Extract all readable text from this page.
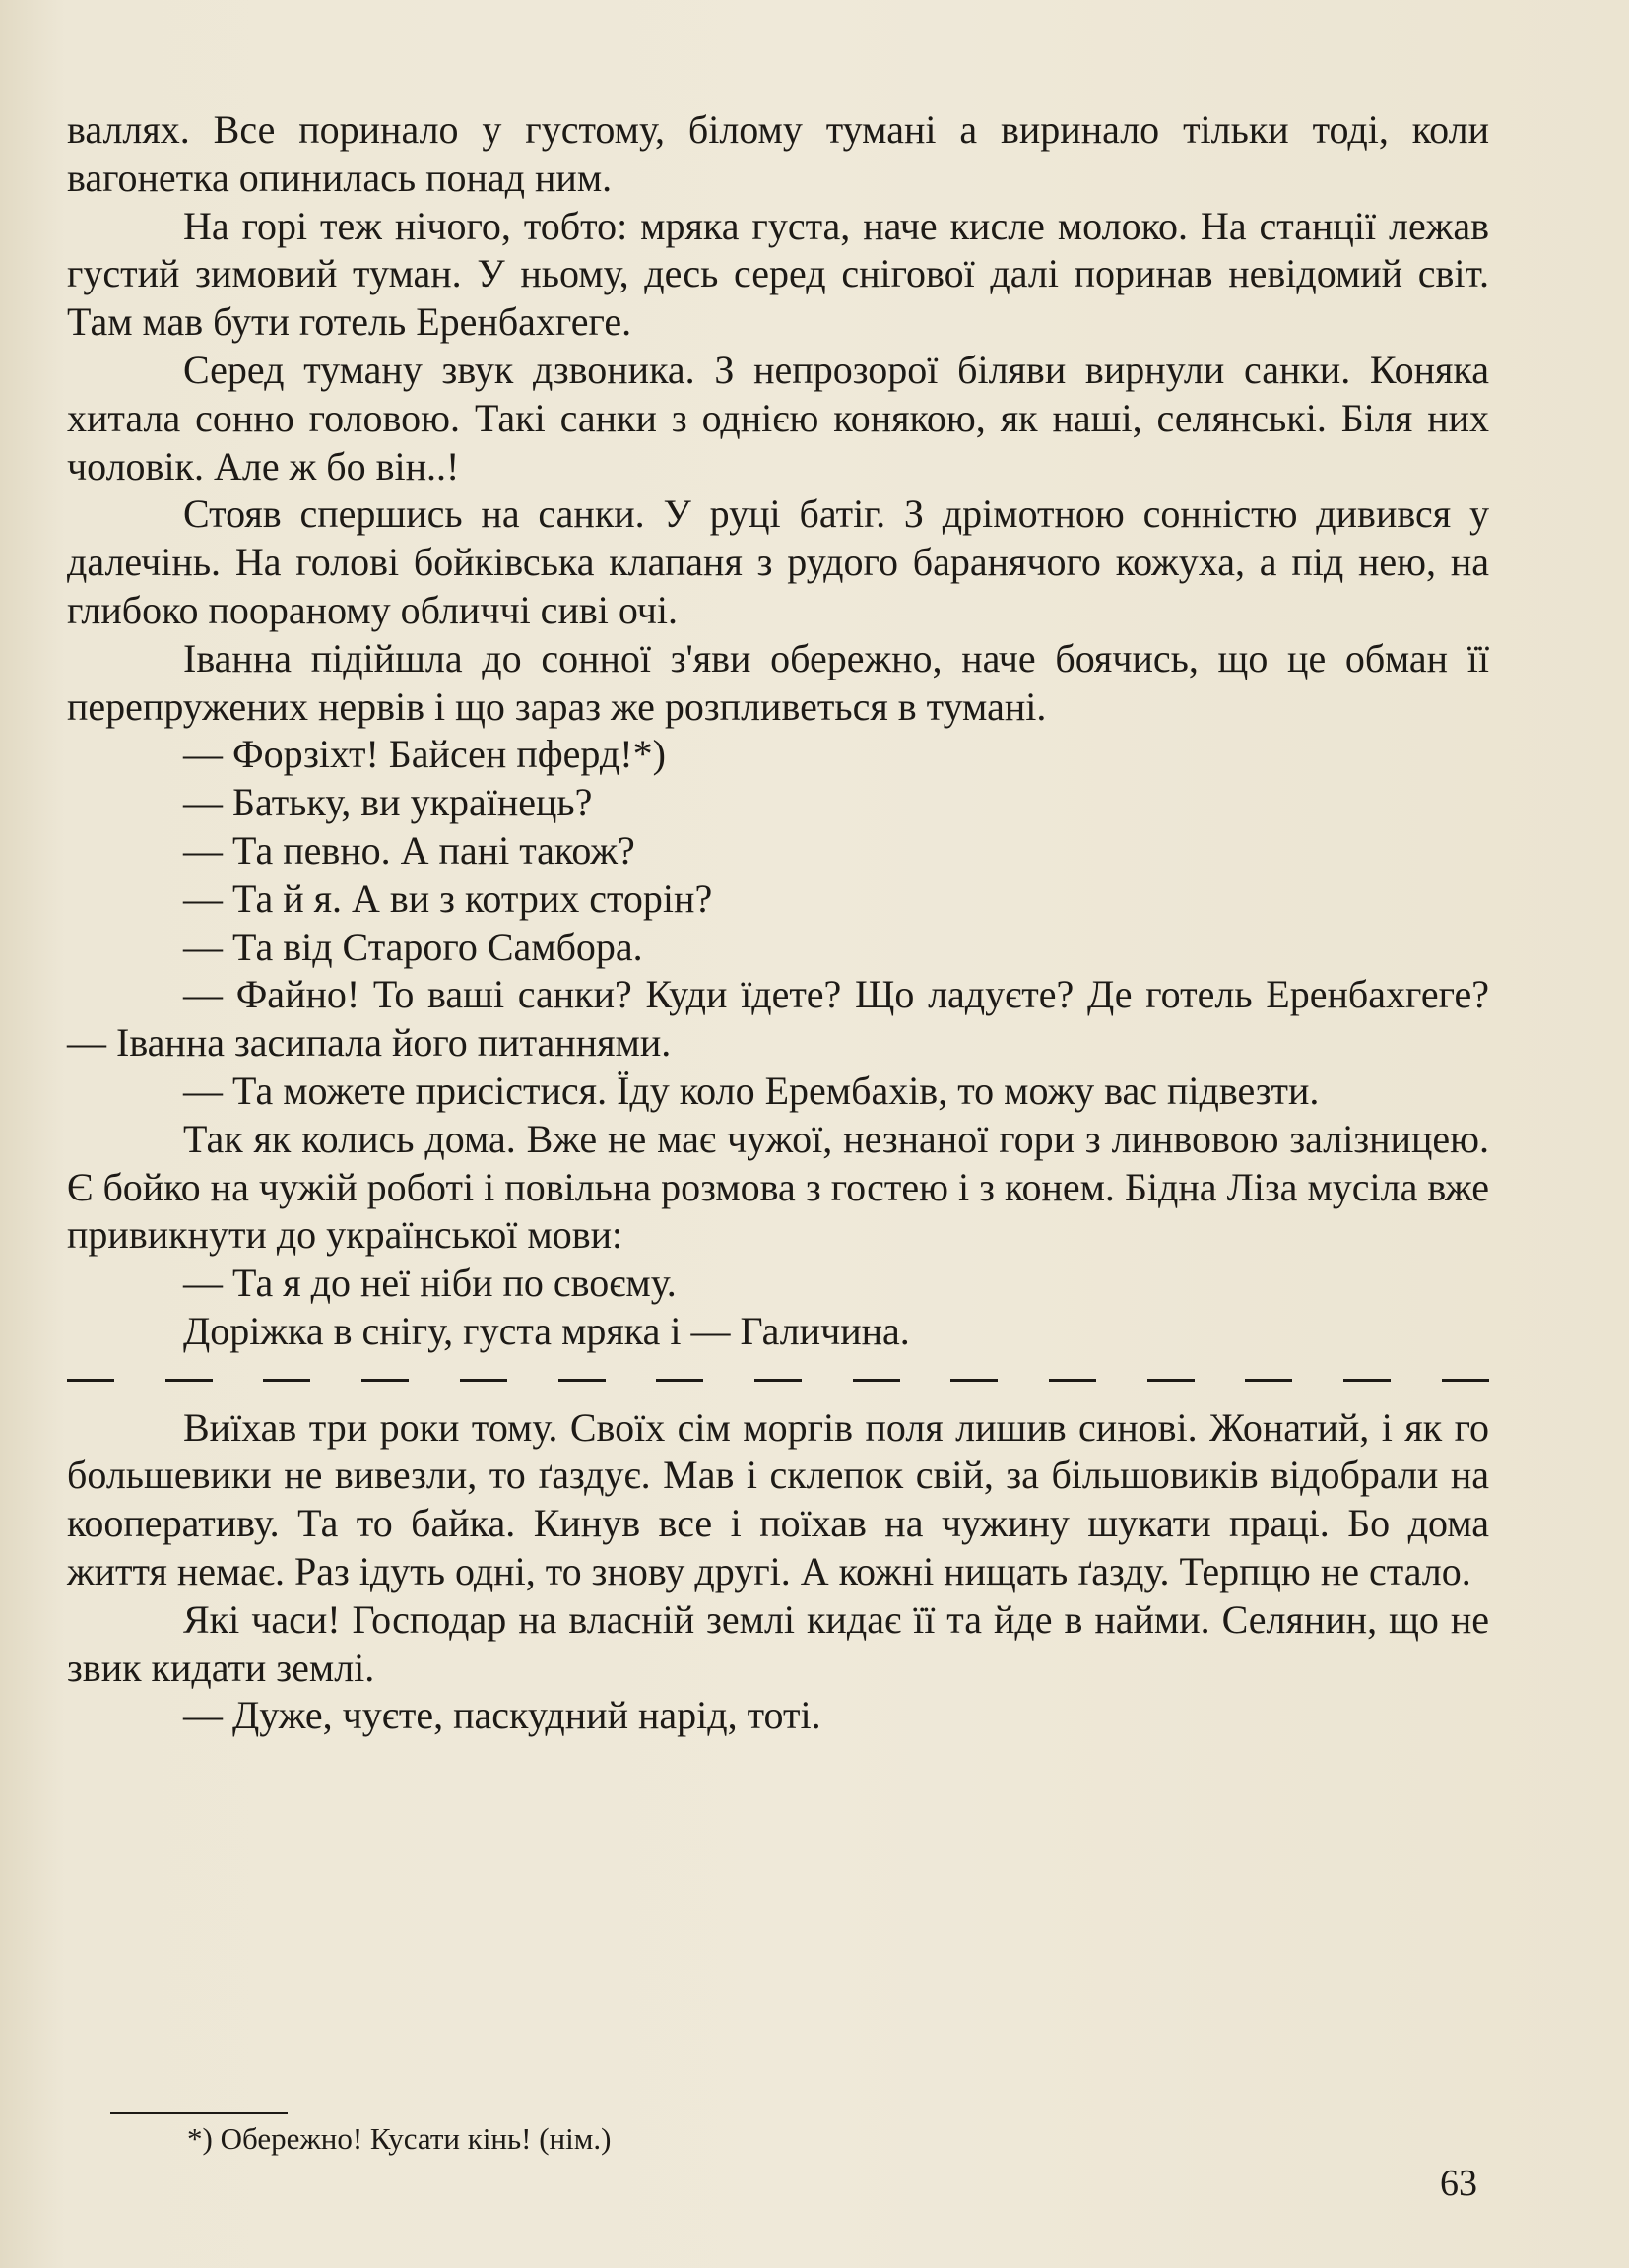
валлях. Все поринало у густому, білому тумані а виринало тільки тоді, коли вагонетка опинилась понад ним.

На горі теж нічого, тобто: мряка густа, наче кисле молоко. На станції лежав густий зимовий туман. У ньому, десь серед снігової далі поринав невідомий світ. Там мав бути готель Еренбахгеге.

Серед туману звук дзвоника. З непрозорої біляви вирнули санки. Коняка хитала сонно головою. Такі санки з однією конякою, як наші, селянські. Біля них чоловік. Але ж бо він..!

Стояв спершись на санки. У руці батіг. З дрімотною сонністю дивився у далечінь. На голові бойківська клапаня з рудого баранячого кожуха, а під нею, на глибоко поораному обличчі сиві очі.

Іванна підійшла до сонної з'яви обережно, наче боячись, що це обман її перепружених нервів і що зараз же розпливеться в тумані.

— Форзіхт! Байсен пферд!*)

— Батьку, ви українець?

— Та певно. А пані також?

— Та й я. А ви з котрих сторін?

— Та від Старого Самбора.

— Файно! То ваші санки? Куди їдете? Що ладуєте? Де готель Еренбахгеге? — Іванна засипала його питаннями.

— Та можете присістися. Їду коло Ерембахів, то можу вас підвезти.

Так як колись дома. Вже не має чужої, незнаної гори з линвовою залізницею. Є бойко на чужій роботі і повільна розмова з гостею і з конем. Бідна Ліза мусіла вже привикнути до української мови:

— Та я до неї ніби по своєму.

Доріжка в снігу, густа мряка і — Галичина.

Виїхав три роки тому. Своїх сім моргів поля лишив синові. Жонатий, і як го большевики не вивезли, то ґаздує. Мав і склепок свій, за більшовиків відобрали на кооперативу. Та то байка. Кинув все і поїхав на чужину шукати праці. Бо дома життя немає. Раз ідуть одні, то знову другі. А кожні нищать ґазду. Терпцю не стало.

Які часи! Господар на власній землі кидає її та йде в найми. Селянин, що не звик кидати землі.

— Дуже, чуєте, паскудний нарід, тоті.

*) Обережно! Кусати кінь! (нім.)
63
